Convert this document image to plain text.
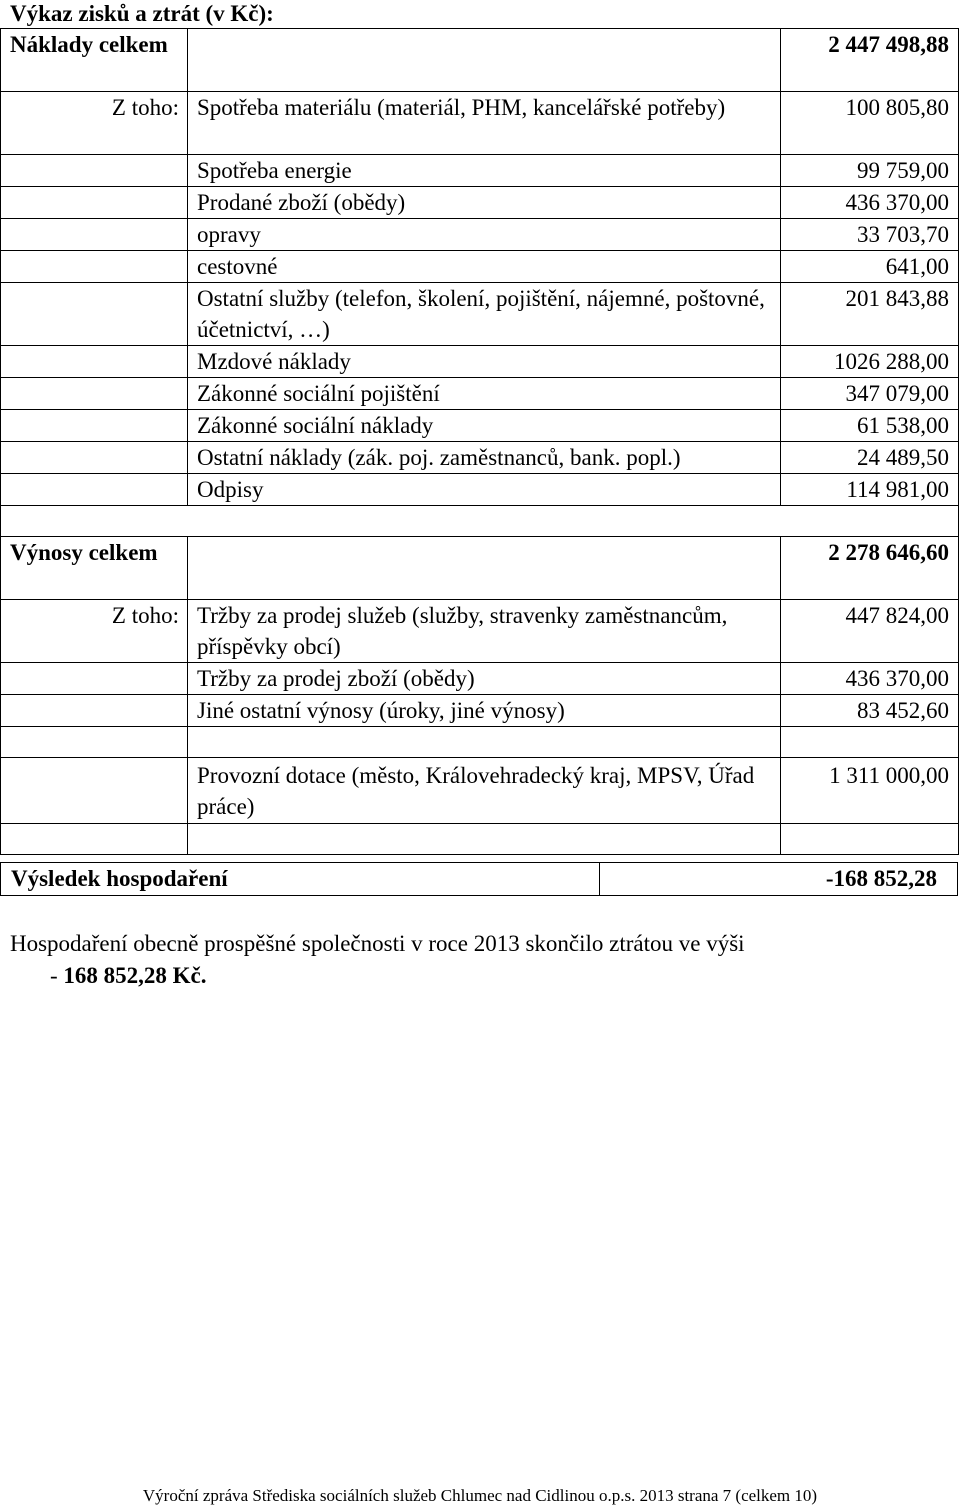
Výkaz zisků a ztrát (v Kč):
Náklady celkem		2 447 498,88
Z toho:	Spotřeba materiálu (materiál, PHM, kancelářské potřeby)	100 805,80
	Spotřeba energie	99 759,00
	Prodané zboží (obědy)	436 370,00
	opravy	33 703,70
	cestovné	641,00
	Ostatní služby (telefon, školení, pojištění, nájemné, poštovné, účetnictví, …)	201 843,88
	Mzdové náklady	1026 288,00
	Zákonné sociální pojištění	347 079,00
	Zákonné sociální náklady	61 538,00
	Ostatní náklady (zák. poj. zaměstnanců, bank. popl.)	24 489,50
	Odpisy	114 981,00

Výnosy celkem		2 278 646,60
Z toho:	Tržby za prodej služeb (služby, stravenky zaměstnancům, příspěvky obcí)	447 824,00
	Tržby za prodej zboží (obědy)	436 370,00
	Jiné ostatní výnosy (úroky, jiné výnosy)	83 452,60

	Provozní dotace (město, Královehradecký kraj, MPSV, Úřad práce)	1 311 000,00

Výsledek hospodaření	-168 852,28
Hospodaření obecně prospěšné společnosti v roce 2013 skončilo ztrátou ve výši
- 168 852,28 Kč.
Výroční zpráva Střediska sociálních služeb Chlumec nad Cidlinou o.p.s. 2013 strana 7 (celkem 10)
